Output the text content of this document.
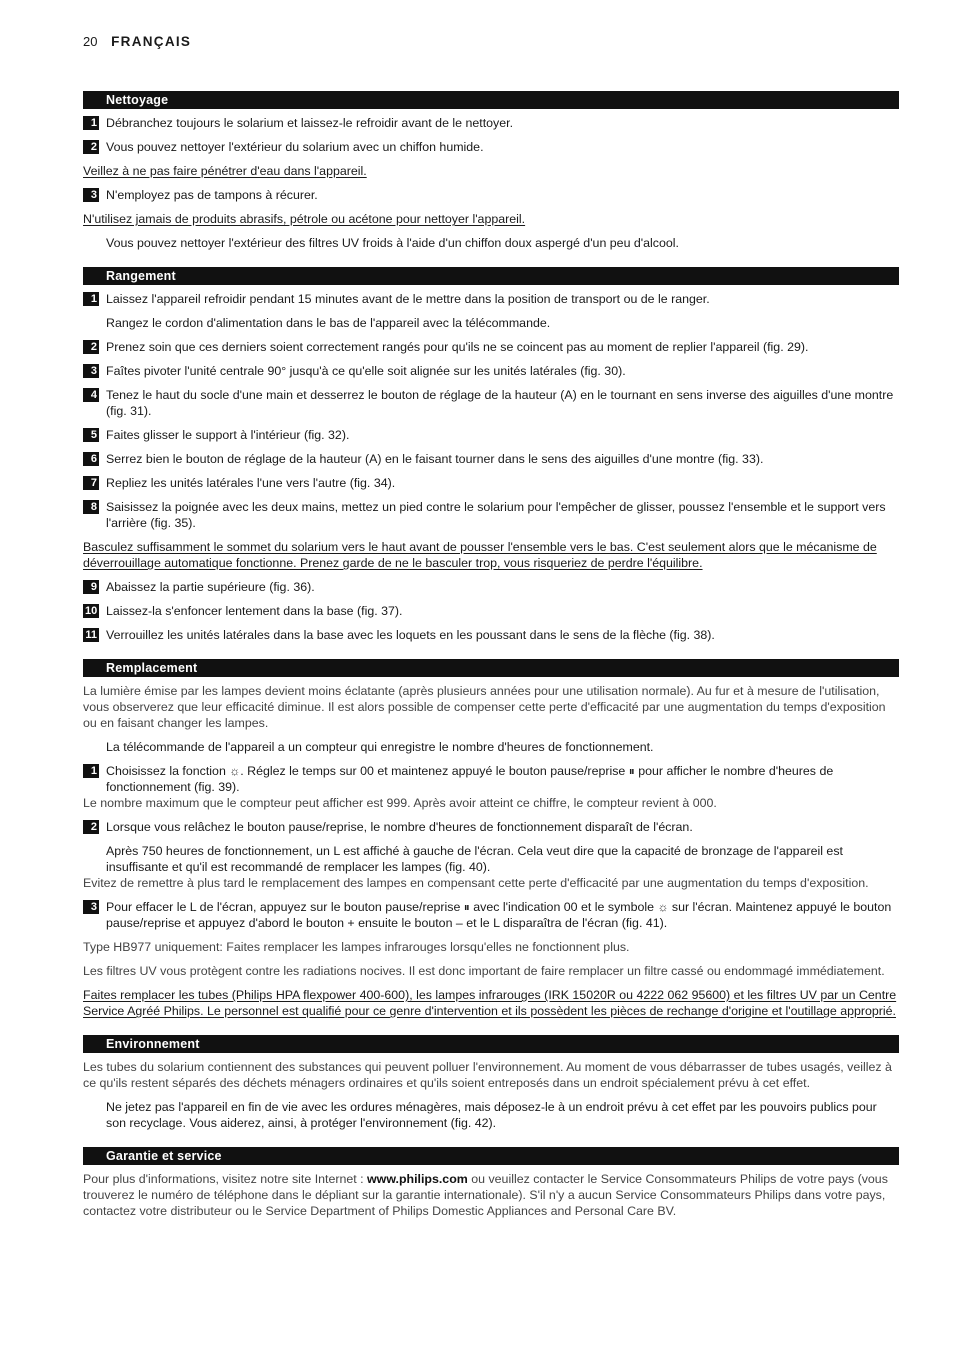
20 FRANÇAIS
Nettoyage
1 Débranchez toujours le solarium et laissez-le refroidir avant de le nettoyer.
2 Vous pouvez nettoyer l'extérieur du solarium avec un chiffon humide.
Veillez à ne pas faire pénétrer d'eau dans l'appareil.
3 N'employez pas de tampons à récurer.
N'utilisez jamais de produits abrasifs, pétrole ou acétone pour nettoyer l'appareil.
Vous pouvez nettoyer l'extérieur des filtres UV froids à l'aide d'un chiffon doux aspergé d'un peu d'alcool.
Rangement
1 Laissez l'appareil refroidir pendant 15 minutes avant de le mettre dans la position de transport ou de le ranger.
Rangez le cordon d'alimentation dans le bas de l'appareil avec la télécommande.
2 Prenez soin que ces derniers soient correctement rangés pour qu'ils ne se coincent pas au moment de replier l'appareil (fig. 29).
3 Faîtes pivoter l'unité centrale 90° jusqu'à ce qu'elle soit alignée sur les unités latérales (fig. 30).
4 Tenez le haut du socle d'une main et desserrez le bouton de réglage de la hauteur (A) en le tournant en sens inverse des aiguilles d'une montre (fig. 31).
5 Faites glisser le support à l'intérieur (fig. 32).
6 Serrez bien le bouton de réglage de la hauteur (A) en le faisant tourner dans le sens des aiguilles d'une montre (fig. 33).
7 Repliez les unités latérales l'une vers l'autre (fig. 34).
8 Saisissez la poignée avec les deux mains, mettez un pied contre le solarium pour l'empêcher de glisser, poussez l'ensemble et le support vers l'arrière (fig. 35).
Basculez suffisamment le sommet du solarium vers le haut avant de pousser l'ensemble vers le bas. C'est seulement alors que le mécanisme de déverrouillage automatique fonctionne. Prenez garde de ne le basculer trop, vous risqueriez de perdre l'équilibre.
9 Abaissez la partie supérieure (fig. 36).
10 Laissez-la s'enfoncer lentement dans la base (fig. 37).
11 Verrouillez les unités latérales dans la base avec les loquets en les poussant dans le sens de la flèche (fig. 38).
Remplacement
La lumière émise par les lampes devient moins éclatante (après plusieurs années pour une utilisation normale). Au fur et à mesure de l'utilisation, vous observerez que leur efficacité diminue. Il est alors possible de compenser cette perte d'efficacité par une augmentation du temps d'exposition ou en faisant changer les lampes.
La télécommande de l'appareil a un compteur qui enregistre le nombre d'heures de fonctionnement.
1 Choisissez la fonction ☼. Réglez le temps sur 00 et maintenez appuyé le bouton pause/reprise ⏸ pour afficher le nombre d'heures de fonctionnement (fig. 39).
Le nombre maximum que le compteur peut afficher est 999. Après avoir atteint ce chiffre, le compteur revient à 000.
2 Lorsque vous relâchez le bouton pause/reprise, le nombre d'heures de fonctionnement disparaît de l'écran.
Après 750 heures de fonctionnement, un L est affiché à gauche de l'écran. Cela veut dire que la capacité de bronzage de l'appareil est insuffisante et qu'il est recommandé de remplacer les lampes (fig. 40).
Evitez de remettre à plus tard le remplacement des lampes en compensant cette perte d'efficacité par une augmentation du temps d'exposition.
3 Pour effacer le L de l'écran, appuyez sur le bouton pause/reprise ⏸ avec l'indication 00 et le symbole ☼ sur l'écran. Maintenez appuyé le bouton pause/reprise et appuyez d'abord le bouton + ensuite le bouton – et le L disparaîtra de l'écran (fig. 41).
Type HB977 uniquement: Faites remplacer les lampes infrarouges lorsqu'elles ne fonctionnent plus.
Les filtres UV vous protègent contre les radiations nocives. Il est donc important de faire remplacer un filtre cassé ou endommagé immédiatement.
Faites remplacer les tubes (Philips HPA flexpower 400-600), les lampes infrarouges (IRK 15020R ou 4222 062 95600) et les filtres UV par un Centre Service Agréé Philips. Le personnel est qualifié pour ce genre d'intervention et ils possèdent les pièces de rechange d'origine et l'outillage approprié.
Environnement
Les tubes du solarium contiennent des substances qui peuvent polluer l'environnement. Au moment de vous débarrasser de tubes usagés, veillez à ce qu'ils restent séparés des déchets ménagers ordinaires et qu'ils soient entreposés dans un endroit spécialement prévu à cet effet.
Ne jetez pas l'appareil en fin de vie avec les ordures ménagères, mais déposez-le à un endroit prévu à cet effet par les pouvoirs publics pour son recyclage. Vous aiderez, ainsi, à protéger l'environnement (fig. 42).
Garantie et service
Pour plus d'informations, visitez notre site Internet : www.philips.com ou veuillez contacter le Service Consommateurs Philips de votre pays (vous trouverez le numéro de téléphone dans le dépliant sur la garantie internationale). S'il n'y a aucun Service Consommateurs Philips dans votre pays, contactez votre distributeur ou le Service Department of Philips Domestic Appliances and Personal Care BV.
